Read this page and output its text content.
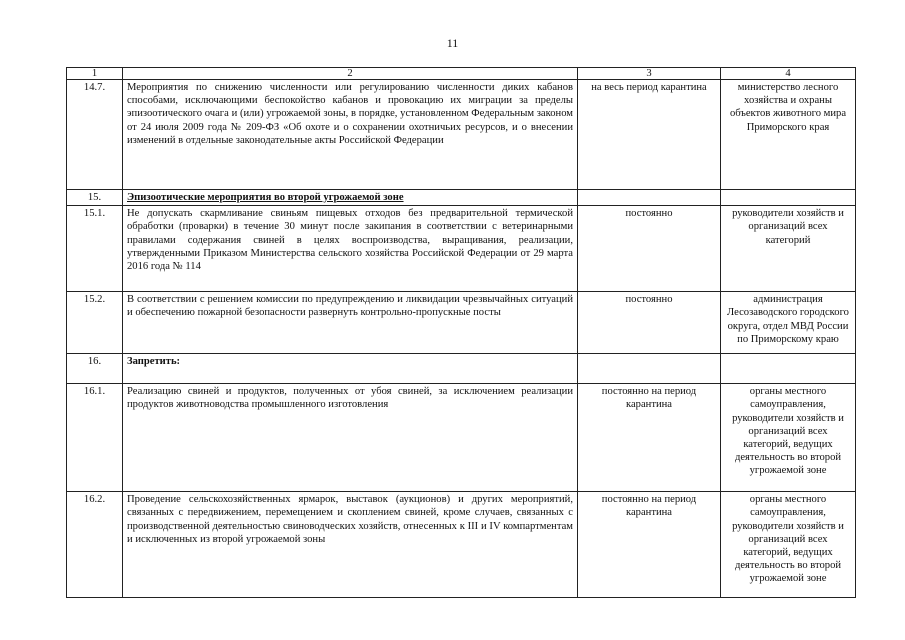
11
1	2	3	4
14.7.	Мероприятия по снижению численности или регулированию численности диких кабанов способами, исключающими беспокойство кабанов и провокацию их миграции за пределы эпизоотического очага и (или) угрожаемой зоны, в порядке, установленном Федеральным законом от 24 июля 2009 года № 209-ФЗ «Об охоте и о сохранении охотничьих ресурсов, и о внесении изменений в отдельные законодательные акты Российской Федерации	на весь период карантина	министерство лесного хозяйства и охраны объектов животного мира Приморского края
15.	Эпизоотические мероприятия во второй угрожаемой зоне		
15.1.	Не допускать скармливание свиньям пищевых отходов без предварительной термической обработки (проварки) в течение 30 минут после закипания в соответствии с ветеринарными правилами содержания свиней в целях воспроизводства, выращивания, реализации, утвержденными Приказом Министерства сельского хозяйства Российской Федерации от 29 марта 2016 года № 114	постоянно	руководители хозяйств и организаций всех категорий
15.2.	В соответствии с решением комиссии по предупреждению и ликвидации чрезвычайных ситуаций и обеспечению пожарной безопасности развернуть контрольно-пропускные посты	постоянно	администрация Лесозаводского городского округа, отдел МВД России по Приморскому краю
16.	Запретить:		
16.1.	Реализацию свиней и продуктов, полученных от убоя свиней, за исключением реализации продуктов животноводства промышленного изготовления	постоянно на период карантина	органы местного самоуправления, руководители хозяйств и организаций всех категорий, ведущих деятельность во второй угрожаемой зоне
16.2.	Проведение сельскохозяйственных ярмарок, выставок (аукционов) и других мероприятий, связанных с передвижением, перемещением и скоплением свиней, кроме случаев, связанных с производственной деятельностью свиноводческих хозяйств, отнесенных к III и IV компартментам и исключенных из второй угрожаемой зоны	постоянно на период карантина	органы местного самоуправления, руководители хозяйств и организаций всех категорий, ведущих деятельность во второй угрожаемой зоне
